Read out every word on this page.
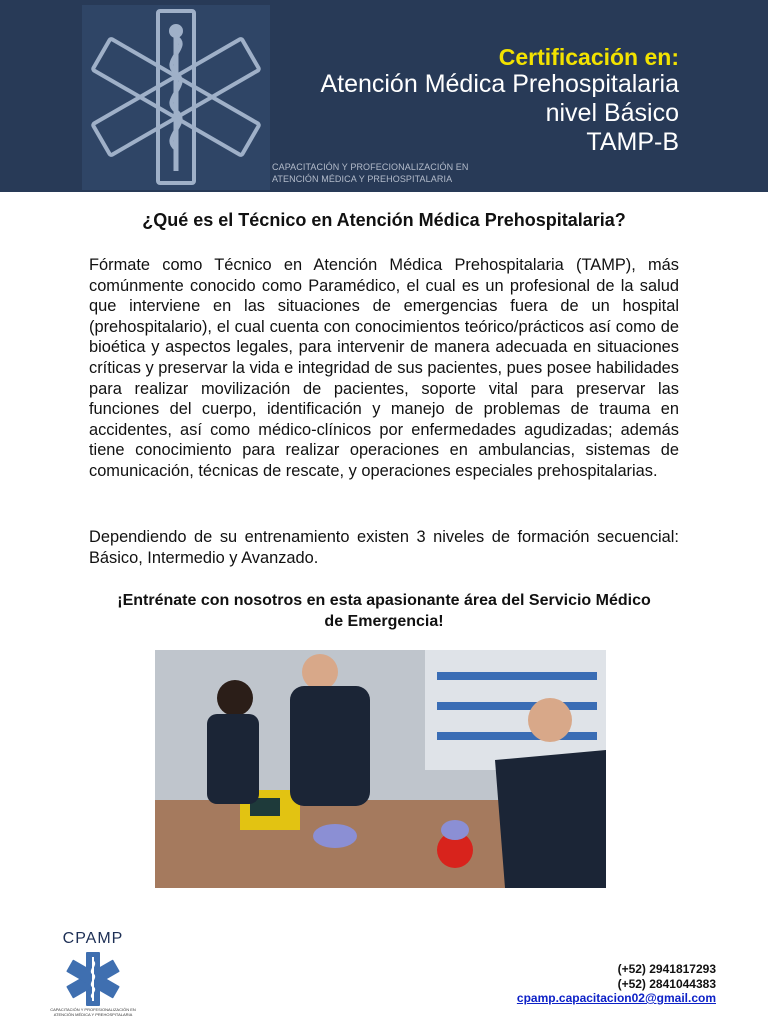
Certificación en:
Atención Médica Prehospitalaria
nivel Básico
TAMP-B
CAPACITACIÓN Y PROFECIONALIZACIÓN EN
ATENCIÓN MÉDICA Y PREHOSPITALARIA
¿Qué es el Técnico en Atención Médica Prehospitalaria?

Fórmate como Técnico en Atención Médica Prehospitalaria (TAMP), más comúnmente conocido como Paramédico, el cual es un profesional de la salud que interviene en las situaciones de emergencias fuera de un hospital (prehospitalario), el cual cuenta con conocimientos teórico/prácticos así como de bioética y aspectos legales, para intervenir de manera adecuada en situaciones críticas y preservar la vida e integridad de sus pacientes, pues posee habilidades para realizar movilización de pacientes, soporte vital para preservar las funciones del cuerpo, identificación y manejo de problemas de trauma en accidentes, así como médico-clínicos por enfermedades agudizadas; además tiene conocimiento para realizar operaciones en ambulancias, sistemas de comunicación, técnicas de rescate, y operaciones especiales prehospitalarias.

Dependiendo de su entrenamiento existen 3 niveles de formación secuencial: Básico, Intermedio y Avanzado.

¡Entrénate con nosotros en esta apasionante área del Servicio Médico
de Emergencia!
CPAMP
CAPACITACIÓN Y PROFESIONALIZACIÓN EN
ATENCIÓN MÉDICA Y PREHOSPITALARIA
(+52) 2941817293
(+52) 2841044383
cpamp.capacitacion02@gmail.com
